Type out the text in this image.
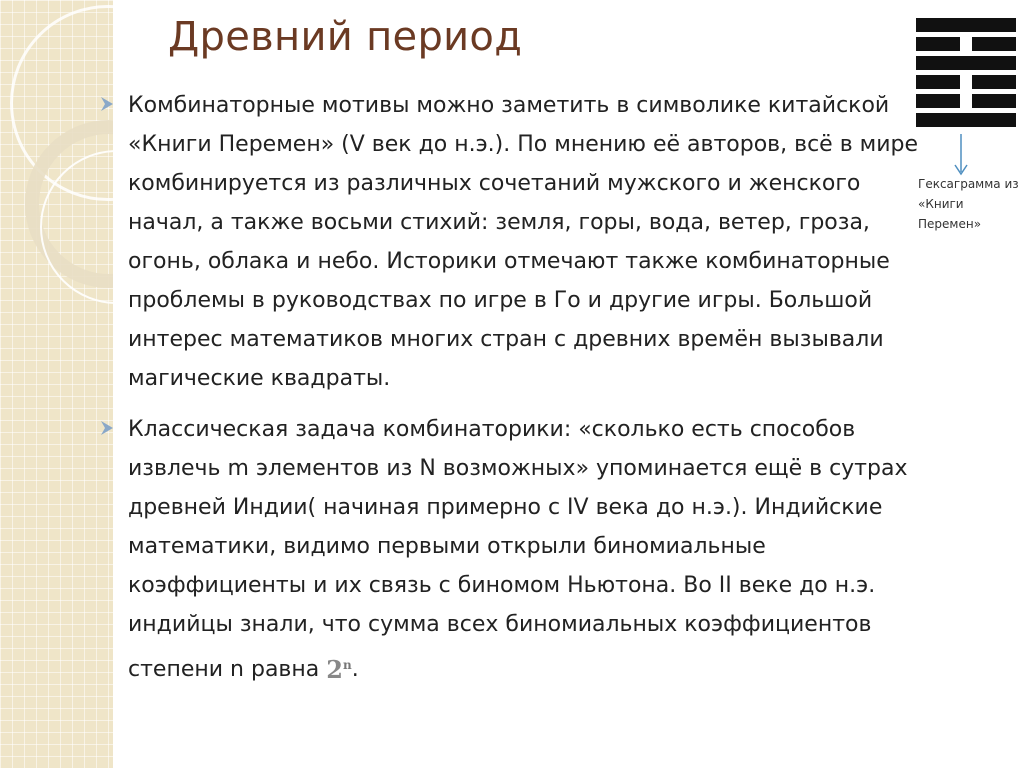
Древний период
Комбинаторные мотивы можно заметить в символике китайской «Книги Перемен» (V век до н.э.). По мнению её авторов, всё в мире комбинируется из различных сочетаний мужского и женского начал, а также восьми стихий: земля, горы, вода, ветер, гроза, огонь, облака и небо. Историки отмечают также комбинаторные проблемы в руководствах по игре в Го и другие игры. Большой интерес математиков многих стран с древних времён вызывали магические квадраты.
Классическая задача комбинаторики: «сколько есть способов извлечь m элементов из N возможных» упоминается ещё в сутрах древней Индии( начиная примерно с IV века до н.э.). Индийские математики, видимо первыми открыли биномиальные коэффициенты и их связь с биномом Ньютона. Во II веке до н.э. индийцы знали, что сумма всех биномиальных коэффициентов степени n равна 2$^n$.
Гексаграмма из «Книги Перемен»
